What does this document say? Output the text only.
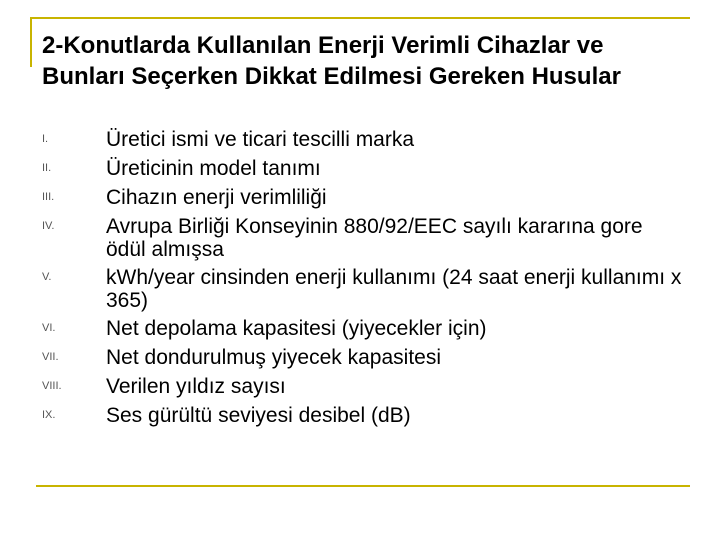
2-Konutlarda Kullanılan Enerji Verimli Cihazlar ve Bunları Seçerken Dikkat Edilmesi Gereken Husular
I.	Üretici ismi ve ticari tescilli marka
II.	Üreticinin model tanımı
III.	Cihazın enerji verimliliği
IV.	Avrupa Birliği Konseyinin 880/92/EEC sayılı kararına gore ödül almışsa
V.	kWh/year cinsinden enerji kullanımı (24 saat enerji kullanımı x 365)
VI.	Net depolama kapasitesi (yiyecekler için)
VII.	Net dondurulmuş yiyecek kapasitesi
VIII.	Verilen yıldız sayısı
IX.	Ses gürültü seviyesi desibel (dB)
